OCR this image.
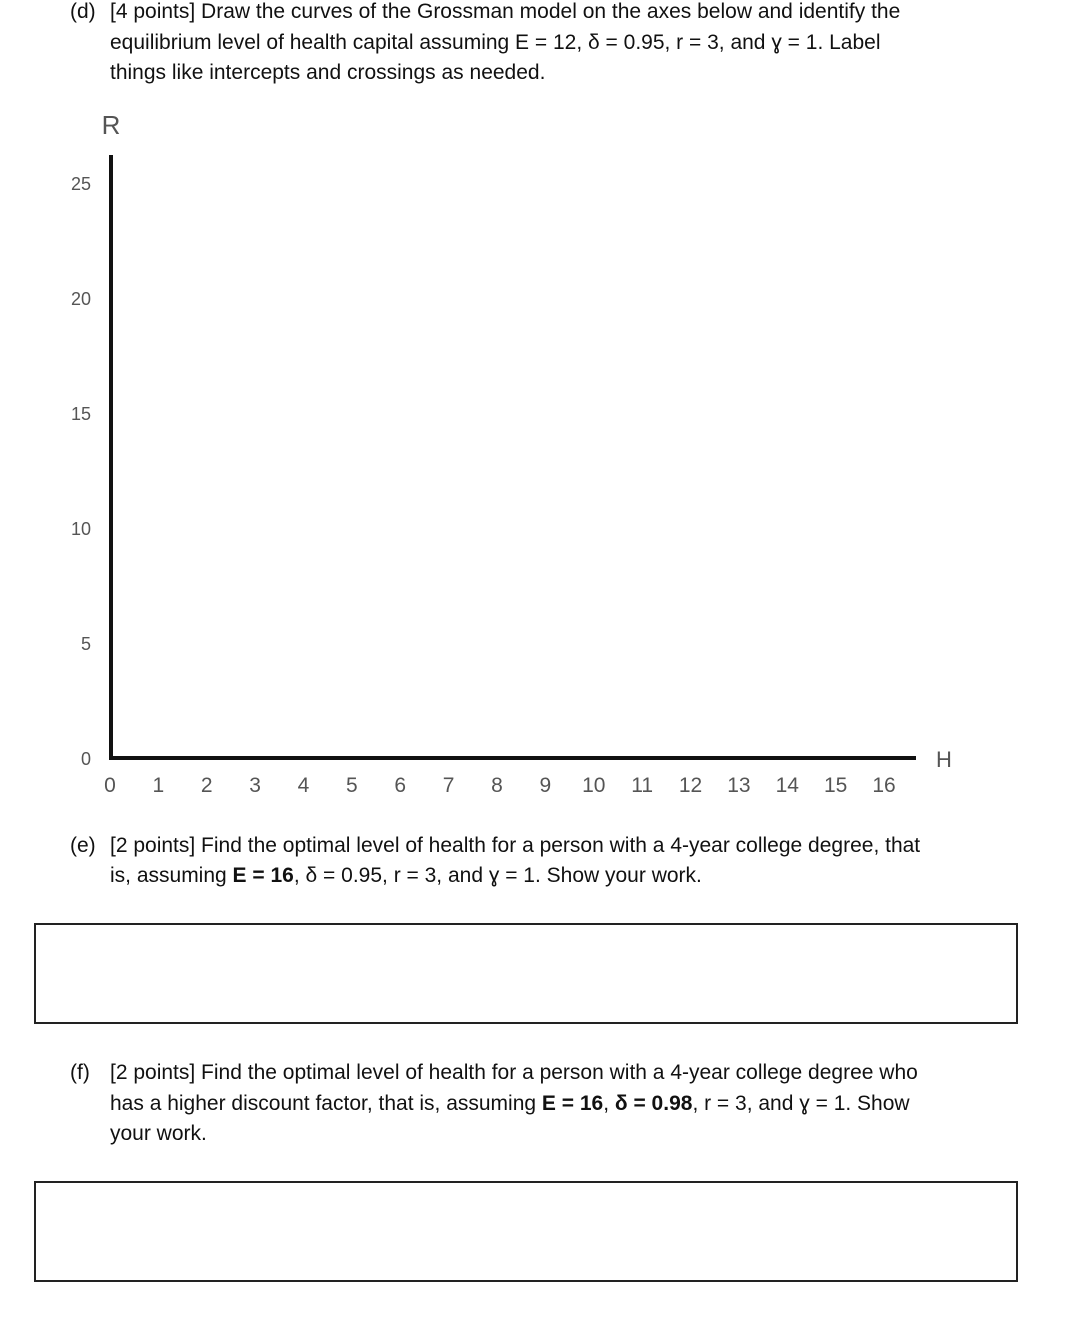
(d) [4 points] Draw the curves of the Grossman model on the axes below and identify the
equilibrium level of health capital assuming E = 12, δ = 0.95, r = 3, and ɣ = 1. Label
things like intercepts and crossings as needed.
25
20
15
10
5
0
0 1 2 3 4 5 6 7 8 9 10 11 12 13 14 15 16
R
H
(e) [2 points] Find the optimal level of health for a person with a 4-year college degree, that
is, assuming E = 16, δ = 0.95, r = 3, and ɣ = 1. Show your work.
(f) [2 points] Find the optimal level of health for a person with a 4-year college degree who
has a higher discount factor, that is, assuming E = 16, δ = 0.98, r = 3, and ɣ = 1. Show
your work.
